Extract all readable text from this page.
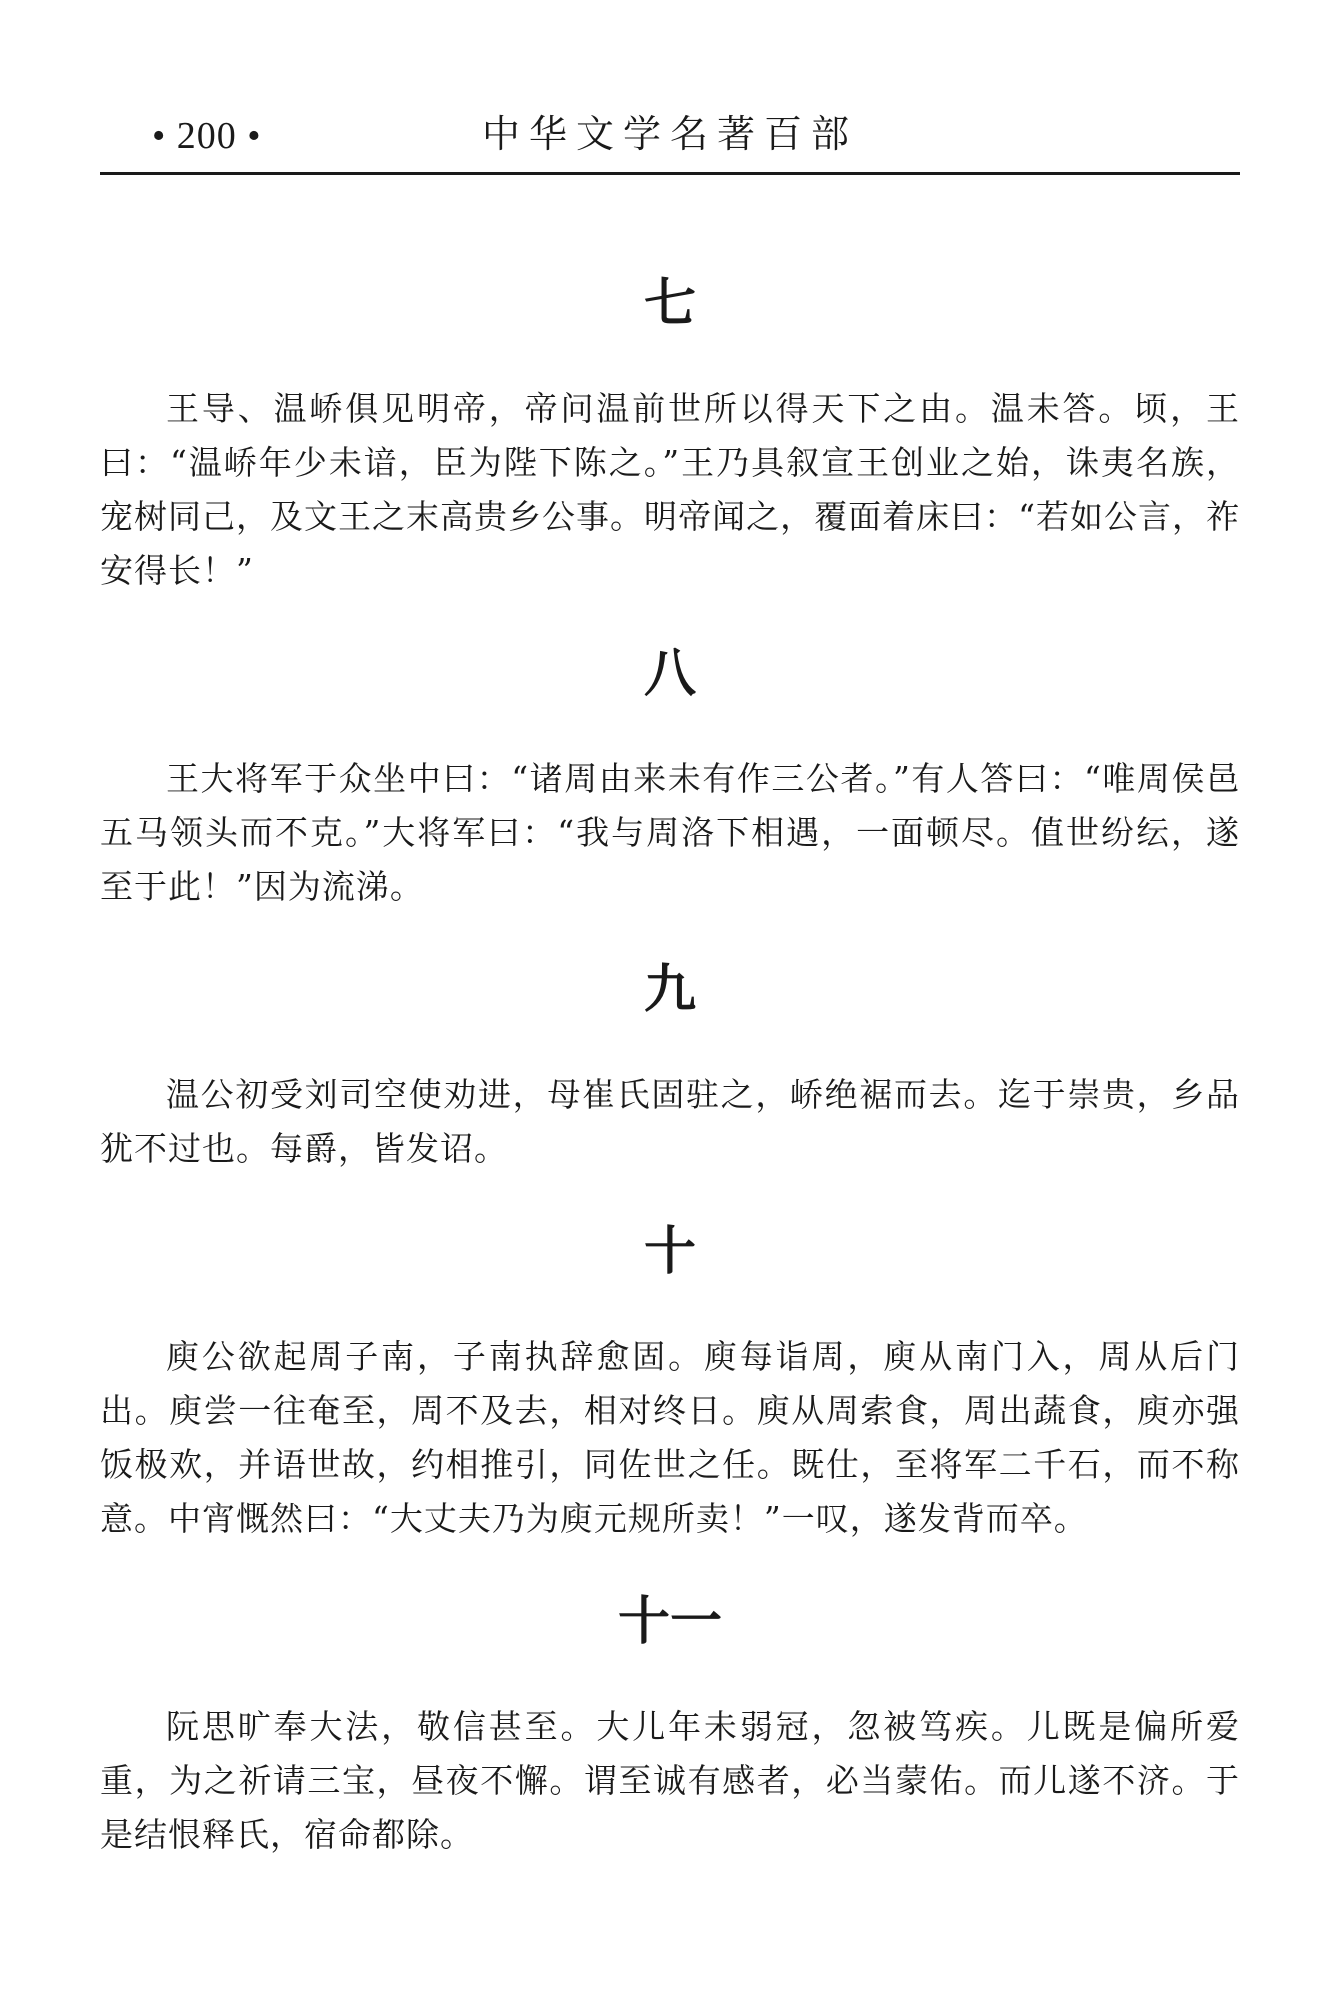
• 200 •	中华文学名著百部
七

王导、温峤俱见明帝，帝问温前世所以得天下之由。温未答。顷，王曰：“温峤年少未谙，臣为陛下陈之。”王乃具叙宣王创业之始，诛夷名族，宠树同己，及文王之末高贵乡公事。明帝闻之，覆面着床曰：“若如公言，祚安得长！”

八

王大将军于众坐中曰：“诸周由来未有作三公者。”有人答曰：“唯周侯邑五马领头而不克。”大将军曰：“我与周洛下相遇，一面顿尽。值世纷纭，遂至于此！”因为流涕。

九

温公初受刘司空使劝进，母崔氏固驻之，峤绝裾而去。迄于崇贵，乡品犹不过也。每爵，皆发诏。

十

庾公欲起周子南，子南执辞愈固。庾每诣周，庾从南门入，周从后门出。庾尝一往奄至，周不及去，相对终日。庾从周索食，周出蔬食，庾亦强饭极欢，并语世故，约相推引，同佐世之任。既仕，至将军二千石，而不称意。中宵慨然曰：“大丈夫乃为庾元规所卖！”一叹，遂发背而卒。

十一

阮思旷奉大法，敬信甚至。大儿年未弱冠，忽被笃疾。儿既是偏所爱重，为之祈请三宝，昼夜不懈。谓至诚有感者，必当蒙佑。而儿遂不济。于是结恨释氏，宿命都除。
